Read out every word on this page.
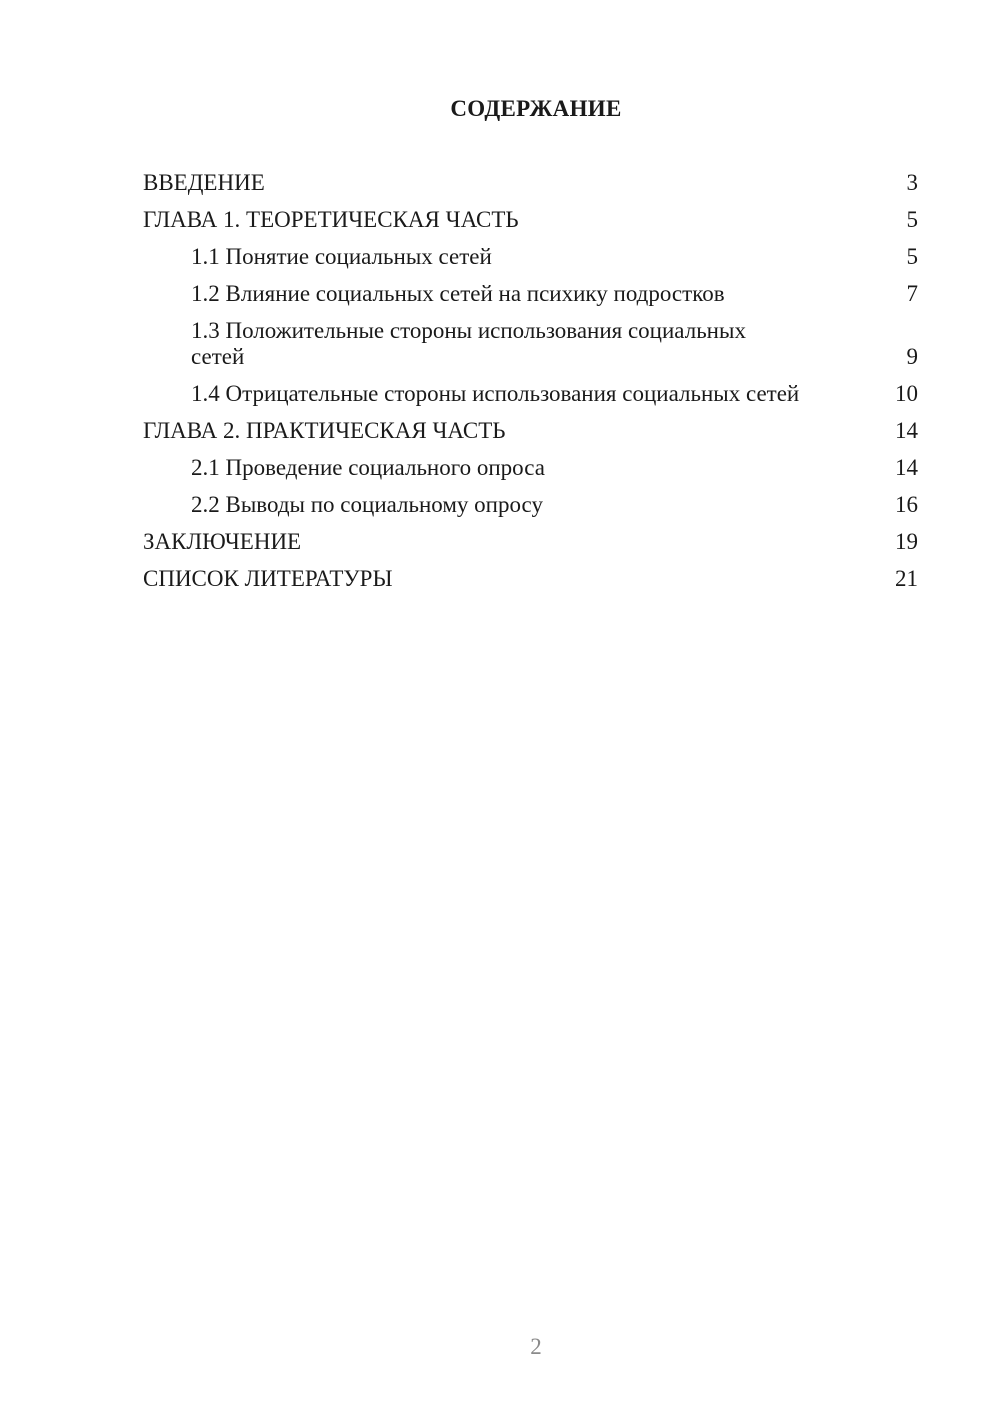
СОДЕРЖАНИЕ
ВВЕДЕНИЕ	3
ГЛАВА 1. ТЕОРЕТИЧЕСКАЯ ЧАСТЬ	5
1.1 Понятие социальных сетей	5
1.2 Влияние социальных сетей на психику подростков	7
1.3 Положительные стороны использования социальных сетей	9
1.4 Отрицательные стороны использования социальных сетей	10
ГЛАВА 2. ПРАКТИЧЕСКАЯ ЧАСТЬ	14
2.1 Проведение социального опроса	14
2.2 Выводы по социальному опросу	16
ЗАКЛЮЧЕНИЕ	19
СПИСОК ЛИТЕРАТУРЫ	21
2
